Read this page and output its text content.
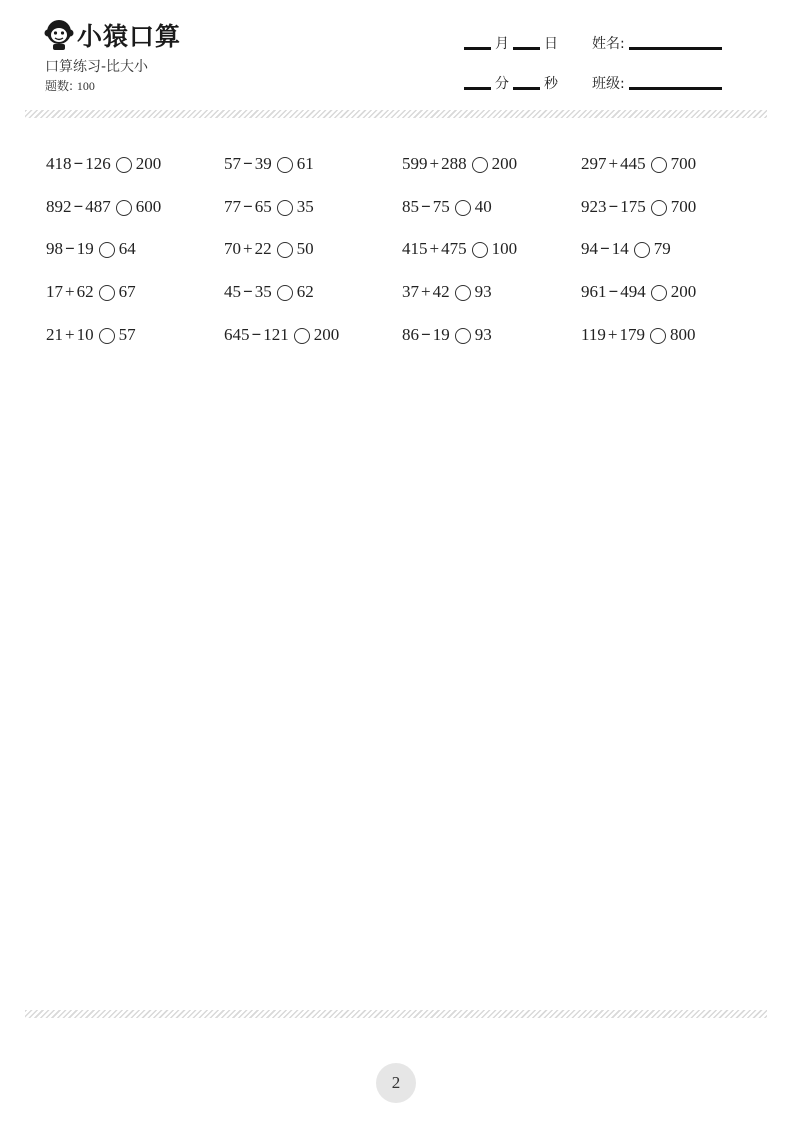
小猿口算
口算练习-比大小
题数: 100
月	日
分	秒
姓名:
班级:
418 − 126 200	57 − 39 61	599 + 288 200	297 + 445 700
892 − 487 600	77 − 65 35	85 − 75 40	923 − 175 700
98 − 19 64	70 + 22 50	415 + 475 100	94 − 14 79
17 + 62 67	45 − 35 62	37 + 42 93	961 − 494 200
21 + 10 57	645 − 121 200	86 − 19 93	119 + 179 800
2
